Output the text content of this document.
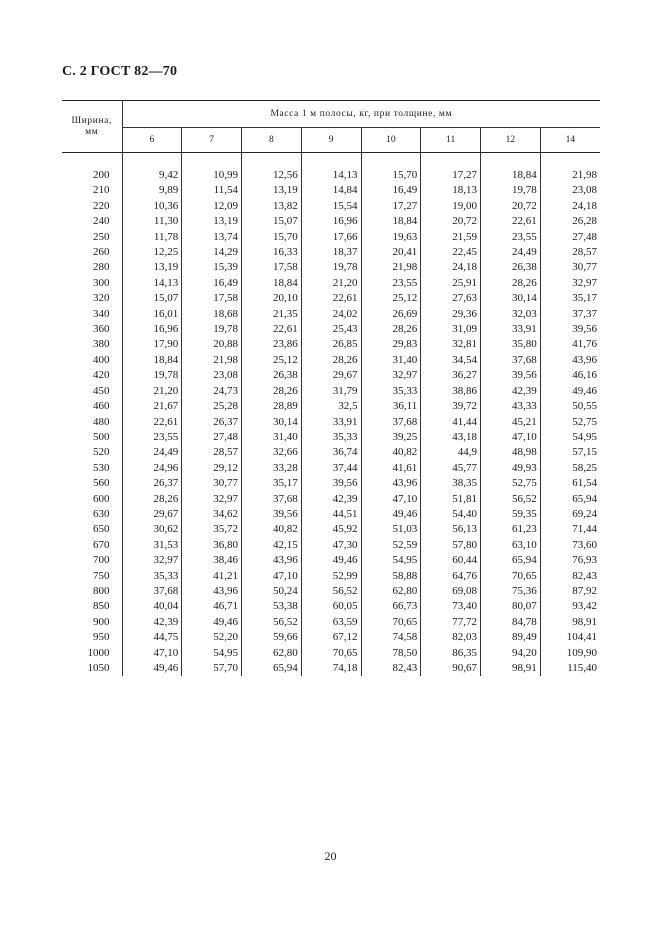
С. 2 ГОСТ 82—70
Ширина,
мм	Масса 1 м полосы, кг, при толщине, мм							
	6	7	8	9	10	11	12	14

200	9,42	10,99	12,56	14,13	15,70	17,27	18,84	21,98
210	9,89	11,54	13,19	14,84	16,49	18,13	19,78	23,08
220	10,36	12,09	13,82	15,54	17,27	19,00	20,72	24,18
240	11,30	13,19	15,07	16,96	18,84	20,72	22,61	26,28
250	11,78	13,74	15,70	17,66	19,63	21,59	23,55	27,48
260	12,25	14,29	16,33	18,37	20,41	22,45	24,49	28,57
280	13,19	15,39	17,58	19,78	21,98	24,18	26,38	30,77
300	14,13	16,49	18,84	21,20	23,55	25,91	28,26	32,97
320	15,07	17,58	20,10	22,61	25,12	27,63	30,14	35,17
340	16,01	18,68	21,35	24,02	26,69	29,36	32,03	37,37
360	16,96	19,78	22,61	25,43	28,26	31,09	33,91	39,56
380	17,90	20,88	23,86	26,85	29,83	32,81	35,80	41,76
400	18,84	21,98	25,12	28,26	31,40	34,54	37,68	43,96
420	19,78	23,08	26,38	29,67	32,97	36,27	39,56	46,16
450	21,20	24,73	28,26	31,79	35,33	38,86	42,39	49,46
460	21,67	25,28	28,89	32,5	36,11	39,72	43,33	50,55
480	22,61	26,37	30,14	33,91	37,68	41,44	45,21	52,75
500	23,55	27,48	31,40	35,33	39,25	43,18	47,10	54,95
520	24,49	28,57	32,66	36,74	40,82	44,9	48,98	57,15
530	24,96	29,12	33,28	37,44	41,61	45,77	49,93	58,25
560	26,37	30,77	35,17	39,56	43,96	38,35	52,75	61,54
600	28,26	32,97	37,68	42,39	47,10	51,81	56,52	65,94
630	29,67	34,62	39,56	44,51	49,46	54,40	59,35	69,24
650	30,62	35,72	40,82	45,92	51,03	56,13	61,23	71,44
670	31,53	36,80	42,15	47,30	52,59	57,80	63,10	73,60
700	32,97	38,46	43,96	49,46	54,95	60,44	65,94	76,93
750	35,33	41,21	47,10	52,99	58,88	64,76	70,65	82,43
800	37,68	43,96	50,24	56,52	62,80	69,08	75,36	87,92
850	40,04	46,71	53,38	60,05	66,73	73,40	80,07	93,42
900	42,39	49,46	56,52	63,59	70,65	77,72	84,78	98,91
950	44,75	52,20	59,66	67,12	74,58	82,03	89,49	104,41
1000	47,10	54,95	62,80	70,65	78,50	86,35	94,20	109,90
1050	49,46	57,70	65,94	74,18	82,43	90,67	98,91	115,40
20
